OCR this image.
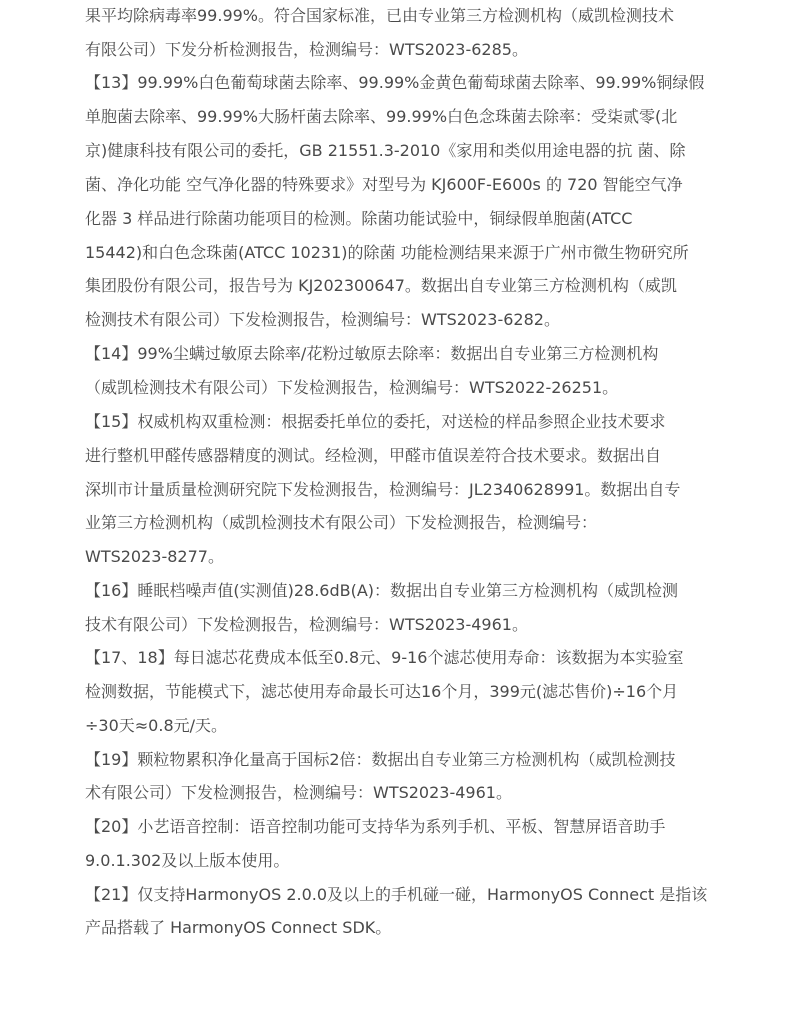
果平均除病毒率99.99%。符合国家标准，已由专业第三方检测机构（威凯检测技术
有限公司）下发分析检测报告，检测编号：WTS2023-6285。
【13】99.99%白色葡萄球菌去除率、99.99%金黄色葡萄球菌去除率、99.99%铜绿假
单胞菌去除率、99.99%大肠杆菌去除率、99.99%白色念珠菌去除率：受柒贰零(北
京)健康科技有限公司的委托，GB 21551.3-2010《家用和类似用途电器的抗 菌、除
菌、净化功能 空气净化器的特殊要求》对型号为 KJ600F-E600s 的 720 智能空气净
化器 3 样品进行除菌功能项目的检测。除菌功能试验中，铜绿假单胞菌(ATCC
15442)和白色念珠菌(ATCC 10231)的除菌 功能检测结果来源于广州市微生物研究所
集团股份有限公司，报告号为 KJ202300647。数据出自专业第三方检测机构（威凯
检测技术有限公司）下发检测报告，检测编号：WTS2023-6282。
【14】99%尘螨过敏原去除率/花粉过敏原去除率：数据出自专业第三方检测机构
（威凯检测技术有限公司）下发检测报告，检测编号：WTS2022-26251。
【15】权威机构双重检测：根据委托单位的委托，对送检的样品参照企业技术要求
进行整机甲醛传感器精度的测试。经检测，甲醛市值误差符合技术要求。数据出自
深圳市计量质量检测研究院下发检测报告，检测编号：JL2340628991。数据出自专
业第三方检测机构（威凯检测技术有限公司）下发检测报告，检测编号：
WTS2023-8277。
【16】睡眠档噪声值(实测值)28.6dB(A)：数据出自专业第三方检测机构（威凯检测
技术有限公司）下发检测报告，检测编号：WTS2023-4961。
【17、18】每日滤芯花费成本低至0.8元、9-16个滤芯使用寿命：该数据为本实验室
检测数据，节能模式下，滤芯使用寿命最长可达16个月，399元(滤芯售价)÷16个月
÷30天≈0.8元/天。
【19】颗粒物累积净化量高于国标2倍：数据出自专业第三方检测机构（威凯检测技
术有限公司）下发检测报告，检测编号：WTS2023-4961。
【20】小艺语音控制：语音控制功能可支持华为系列手机、平板、智慧屏语音助手
9.0.1.302及以上版本使用。
【21】仅支持HarmonyOS 2.0.0及以上的手机碰一碰，HarmonyOS Connect 是指该
产品搭载了 HarmonyOS Connect SDK。
